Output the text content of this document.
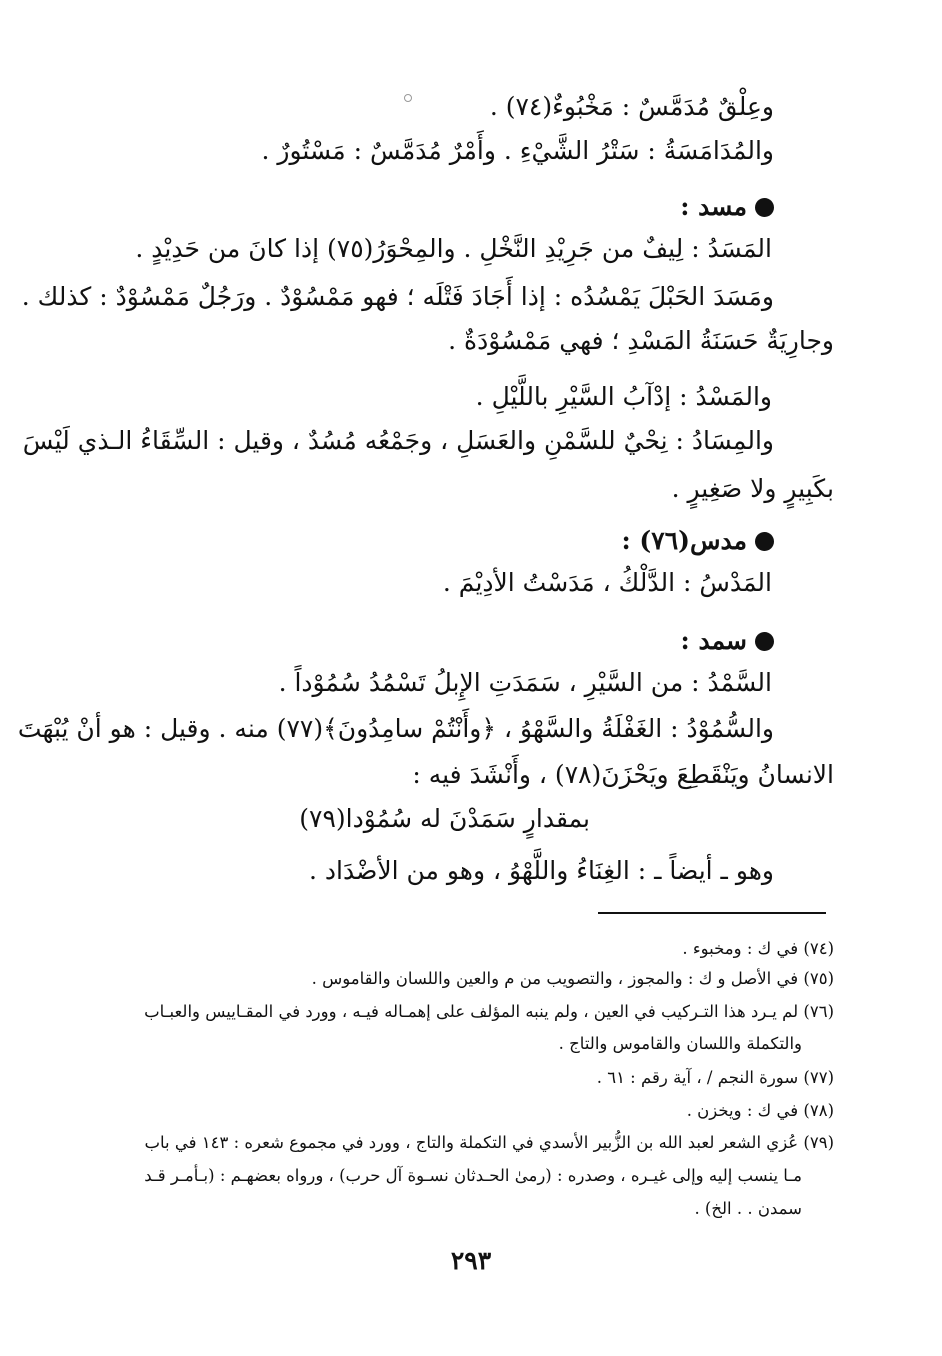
وعِلْقٌ مُدَمَّسٌ : مَخْبُوءٌ(٧٤) .
والمُدَامَسَةُ : سَتْرُ الشَّيْءِ . وأَمْرٌ مُدَمَّسٌ : مَسْتُورٌ .
مسد :
المَسَدُ : لِيفٌ من جَرِيْدِ النَّخْلِ . والمِحْوَرُ(٧٥) إذا كانَ من حَدِيْدٍ .
ومَسَدَ الحَبْلَ يَمْسُدُه : إذا أَجَادَ فَتْلَه ؛ فهو مَمْسُوْدٌ . ورَجُلٌ مَمْسُوْدٌ : كذلك .
وجارِيَةٌ حَسَنَةُ المَسْدِ ؛ فهي مَمْسُوْدَةٌ .
والمَسْدُ : إدْآبُ السَّيْرِ باللَّيْلِ .
والمِسَادُ : نِحْيٌ للسَّمْنِ والعَسَلِ ، وجَمْعُه مُسُدٌ ، وقيل : السِّقَاءُ الـذي لَيْسَ
بكَبِيرٍ ولا صَغِيرٍ .
مدس(٧٦) :
المَدْسُ : الدَّلْكُ ، مَدَسْتُ الأدِيْمَ .
سمد :
السَّمْدُ : من السَّيْرِ ، سَمَدَتِ الإِبلُ تَسْمُدُ سُمُوْداً .
والسُّمُوْدُ : الغَفْلَةُ والسَّهْوُ ، ﴿وأَنْتُمْ سامِدُونَ﴾(٧٧) منه . وقيل : هو أنْ يُبْهَتَ
الانسانُ ويَنْقَطِعَ ويَحْزَنَ(٧٨) ، وأَنْشَدَ فيه :
بمقدارٍ سَمَدْنَ له سُمُوْدا(٧٩)
وهو ـ أيضاً ـ : الغِنَاءُ واللَّهْوُ ، وهو من الأضْدَاد .
(٧٤) في ك : ومخبوء .
(٧٥) في الأصل و ك : والمجوز ، والتصويب من م والعين واللسان والقاموس .
(٧٦) لم يـرد هذا التـركيب في العين ، ولم ينبه المؤلف على إهمـاله فيـه ، وورد في المقـاييس والعبـاب
والتكملة واللسان والقاموس والتاج .
(٧٧) سورة النجم / ، آية رقم : ٦١ .
(٧٨) في ك : ويخزن .
(٧٩) عُزي الشعر لعبد الله بن الزُّبير الأسدي في التكملة والتاج ، وورد في مجموع شعره : ١٤٣ في باب
مـا ينسب إليه وإلى غيـره ، وصدره : (رمىٰ الحـدثان نسـوة آل حرب) ، ورواه بعضهـم : (بـأمـر قـد
سمدن . . الخ) .
٢٩٣
